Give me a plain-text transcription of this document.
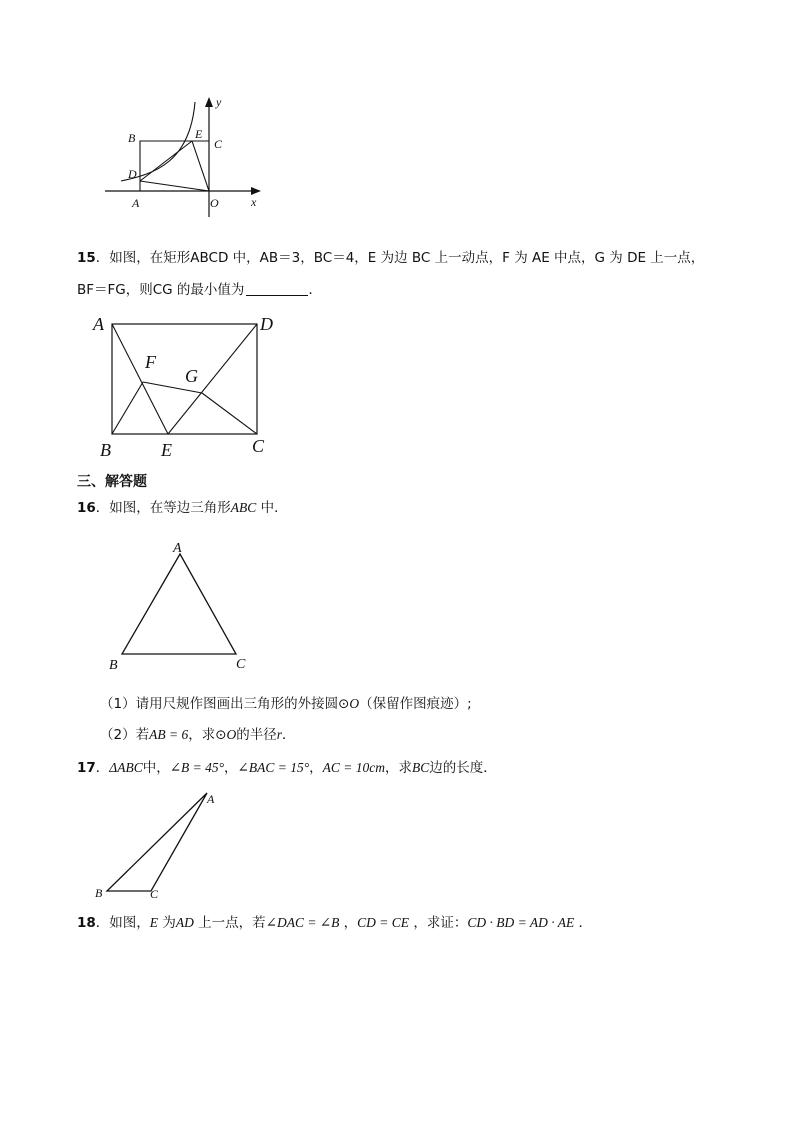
y
x
B	E
C
D
A	O
15．如图，在矩形ABCD 中，AB＝3，BC＝4，E 为边 BC 上一动点，F 为 AE 中点，G 为 DE 上一点，
BF＝FG，则CG 的最小值为	．
A	D
F
G
B	E	C
三、解答题
16．如图，在等边三角形ABC 中．
A
B	C
（1）请用尺规作图画出三角形的外接圆⊙O（保留作图痕迹）;
（2）若AB = 6，求⊙O的半径r．
17．ΔABC中，∠B = 45°，∠BAC = 15°，AC = 10cm，求BC边的长度．
A
B	C
18．如图，E 为AD 上一点，若∠DAC = ∠B ，CD = CE ，求证：CD · BD = AD · AE ．
